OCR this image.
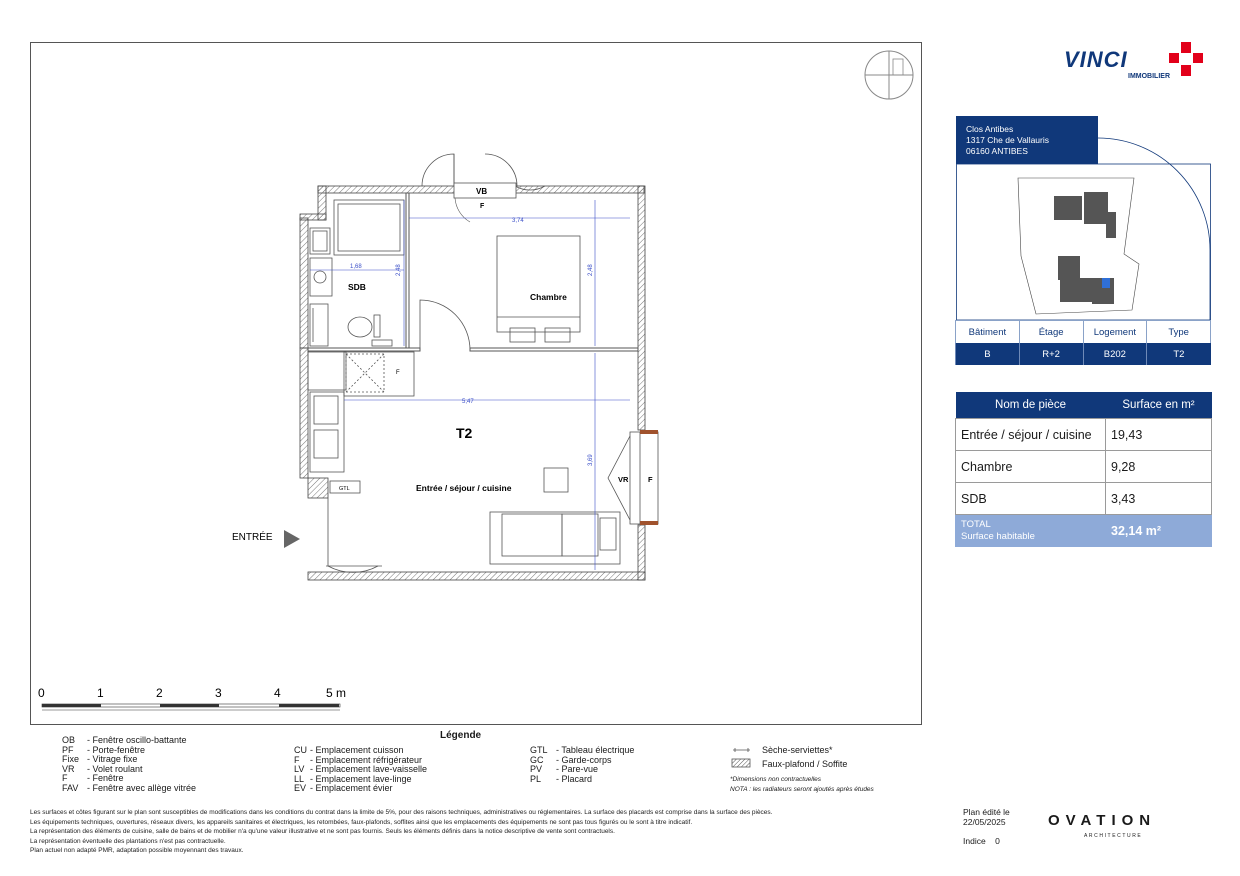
VB
F
SDB
Chambre
F
GTL
ENTRÉE
T2
Entrée / séjour / cuisine
VR	F
3,74
1,68	2,48	2,48
5,47
3,69
0	1	2	3	4	5 m
Légende
OB	- Fenêtre oscillo-battante
PF	- Porte-fenêtre
Fixe - Vitrage fixe
VR	- Volet roulant
F	- Fenêtre
FAV - Fenêtre avec allège vitrée
CU - Emplacement cuisson
F	- Emplacement réfrigérateur
LV - Emplacement lave-vaisselle
LL - Emplacement lave-linge
EV - Emplacement évier
GTL - Tableau électrique
GC	- Garde-corps
PV	- Pare-vue
PL	- Placard
Sèche-serviettes*
Faux-plafond / Soffite
*Dimensions non contractuelles
NOTA : les radiateurs seront ajoutés après études
Les surfaces et côtes figurant sur le plan sont susceptibles de modifications dans les conditions du contrat dans la limite de 5%, pour des raisons techniques, administratives ou réglementaires. La surface des placards est comprise dans la surface des pièces.
Les équipements techniques, ouvertures, réseaux divers, les appareils sanitaires et électriques, les retombées, faux-plafonds, soffites ainsi que les emplacements des équipements ne sont pas tous figurés ou le sont à titre indicatif.
La représentation des éléments de cuisine, salle de bains et de mobilier n'a qu'une valeur illustrative et ne sont pas fournis. Seuls les éléments définis dans la notice descriptive de vente sont contractuels.
La représentation éventuelle des plantations n'est pas contractuelle.
Plan actuel non adapté PMR, adaptation possible moyennant des travaux.
VINCI
IMMOBILIER
Clos Antibes
1317 Che de Vallauris
06160 ANTIBES
Bâtiment	Étage	Logement	Type
B	R+2	B202	T2
Nom de pièce	Surface en m²
Entrée / séjour / cuisine	19,43
Chambre	9,28
SDB	3,43

TOTAL
Surface habitable	32,14 m²
Plan édité le
22/05/2025
Indice    0
OVATION
ARCHITECTURE
